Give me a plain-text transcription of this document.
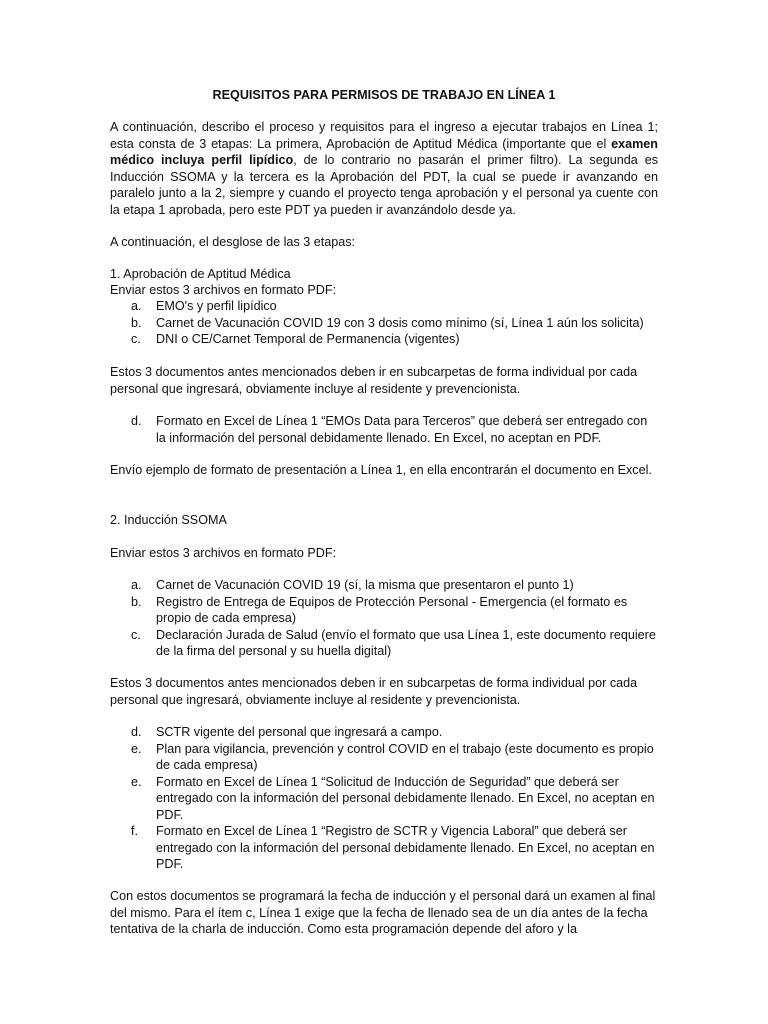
REQUISITOS PARA PERMISOS DE TRABAJO EN LÍNEA 1

A continuación, describo el proceso y requisitos para el ingreso a ejecutar trabajos en Línea 1; esta consta de 3 etapas: La primera, Aprobación de Aptitud Médica (importante que el examen médico incluya perfil lipídico, de lo contrario no pasarán el primer filtro). La segunda es Inducción SSOMA y la tercera es la Aprobación del PDT, la cual se puede ir avanzando en paralelo junto a la 2, siempre y cuando el proyecto tenga aprobación y el personal ya cuente con la etapa 1 aprobada, pero este PDT ya pueden ir avanzándolo desde ya.

A continuación, el desglose de las 3 etapas:
1. Aprobación de Aptitud Médica
Enviar estos 3 archivos en formato PDF:
a. EMO's y perfil lipídico
b. Carnet de Vacunación COVID 19 con 3 dosis como mínimo (sí, Línea 1 aún los solicita)
c. DNI o CE/Carnet Temporal de Permanencia (vigentes)

Estos 3 documentos antes mencionados deben ir en subcarpetas de forma individual por cada personal que ingresará, obviamente incluye al residente y prevencionista.

d. Formato en Excel de Línea 1 “EMOs Data para Terceros” que deberá ser entregado con la información del personal debidamente llenado. En Excel, no aceptan en PDF.

Envío ejemplo de formato de presentación a Línea 1, en ella encontrarán el documento en Excel.

2. Inducción SSOMA
Enviar estos 3 archivos en formato PDF:
a. Carnet de Vacunación COVID 19 (sí, la misma que presentaron el punto 1)
b. Registro de Entrega de Equipos de Protección Personal - Emergencia (el formato es propio de cada empresa)
c. Declaración Jurada de Salud (envío el formato que usa Línea 1, este documento requiere de la firma del personal y su huella digital)

Estos 3 documentos antes mencionados deben ir en subcarpetas de forma individual por cada personal que ingresará, obviamente incluye al residente y prevencionista.

d. SCTR vigente del personal que ingresará a campo.
e. Plan para vigilancia, prevención y control COVID en el trabajo (este documento es propio de cada empresa)
e. Formato en Excel de Línea 1 “Solicitud de Inducción de Seguridad” que deberá ser entregado con la información del personal debidamente llenado. En Excel, no aceptan en PDF.
f. Formato en Excel de Línea 1 “Registro de SCTR y Vigencia Laboral” que deberá ser entregado con la información del personal debidamente llenado. En Excel, no aceptan en PDF.

Con estos documentos se programará la fecha de inducción y el personal dará un examen al final del mismo. Para el ítem c, Línea 1 exige que la fecha de llenado sea de un día antes de la fecha tentativa de la charla de inducción. Como esta programación depende del aforo y la
